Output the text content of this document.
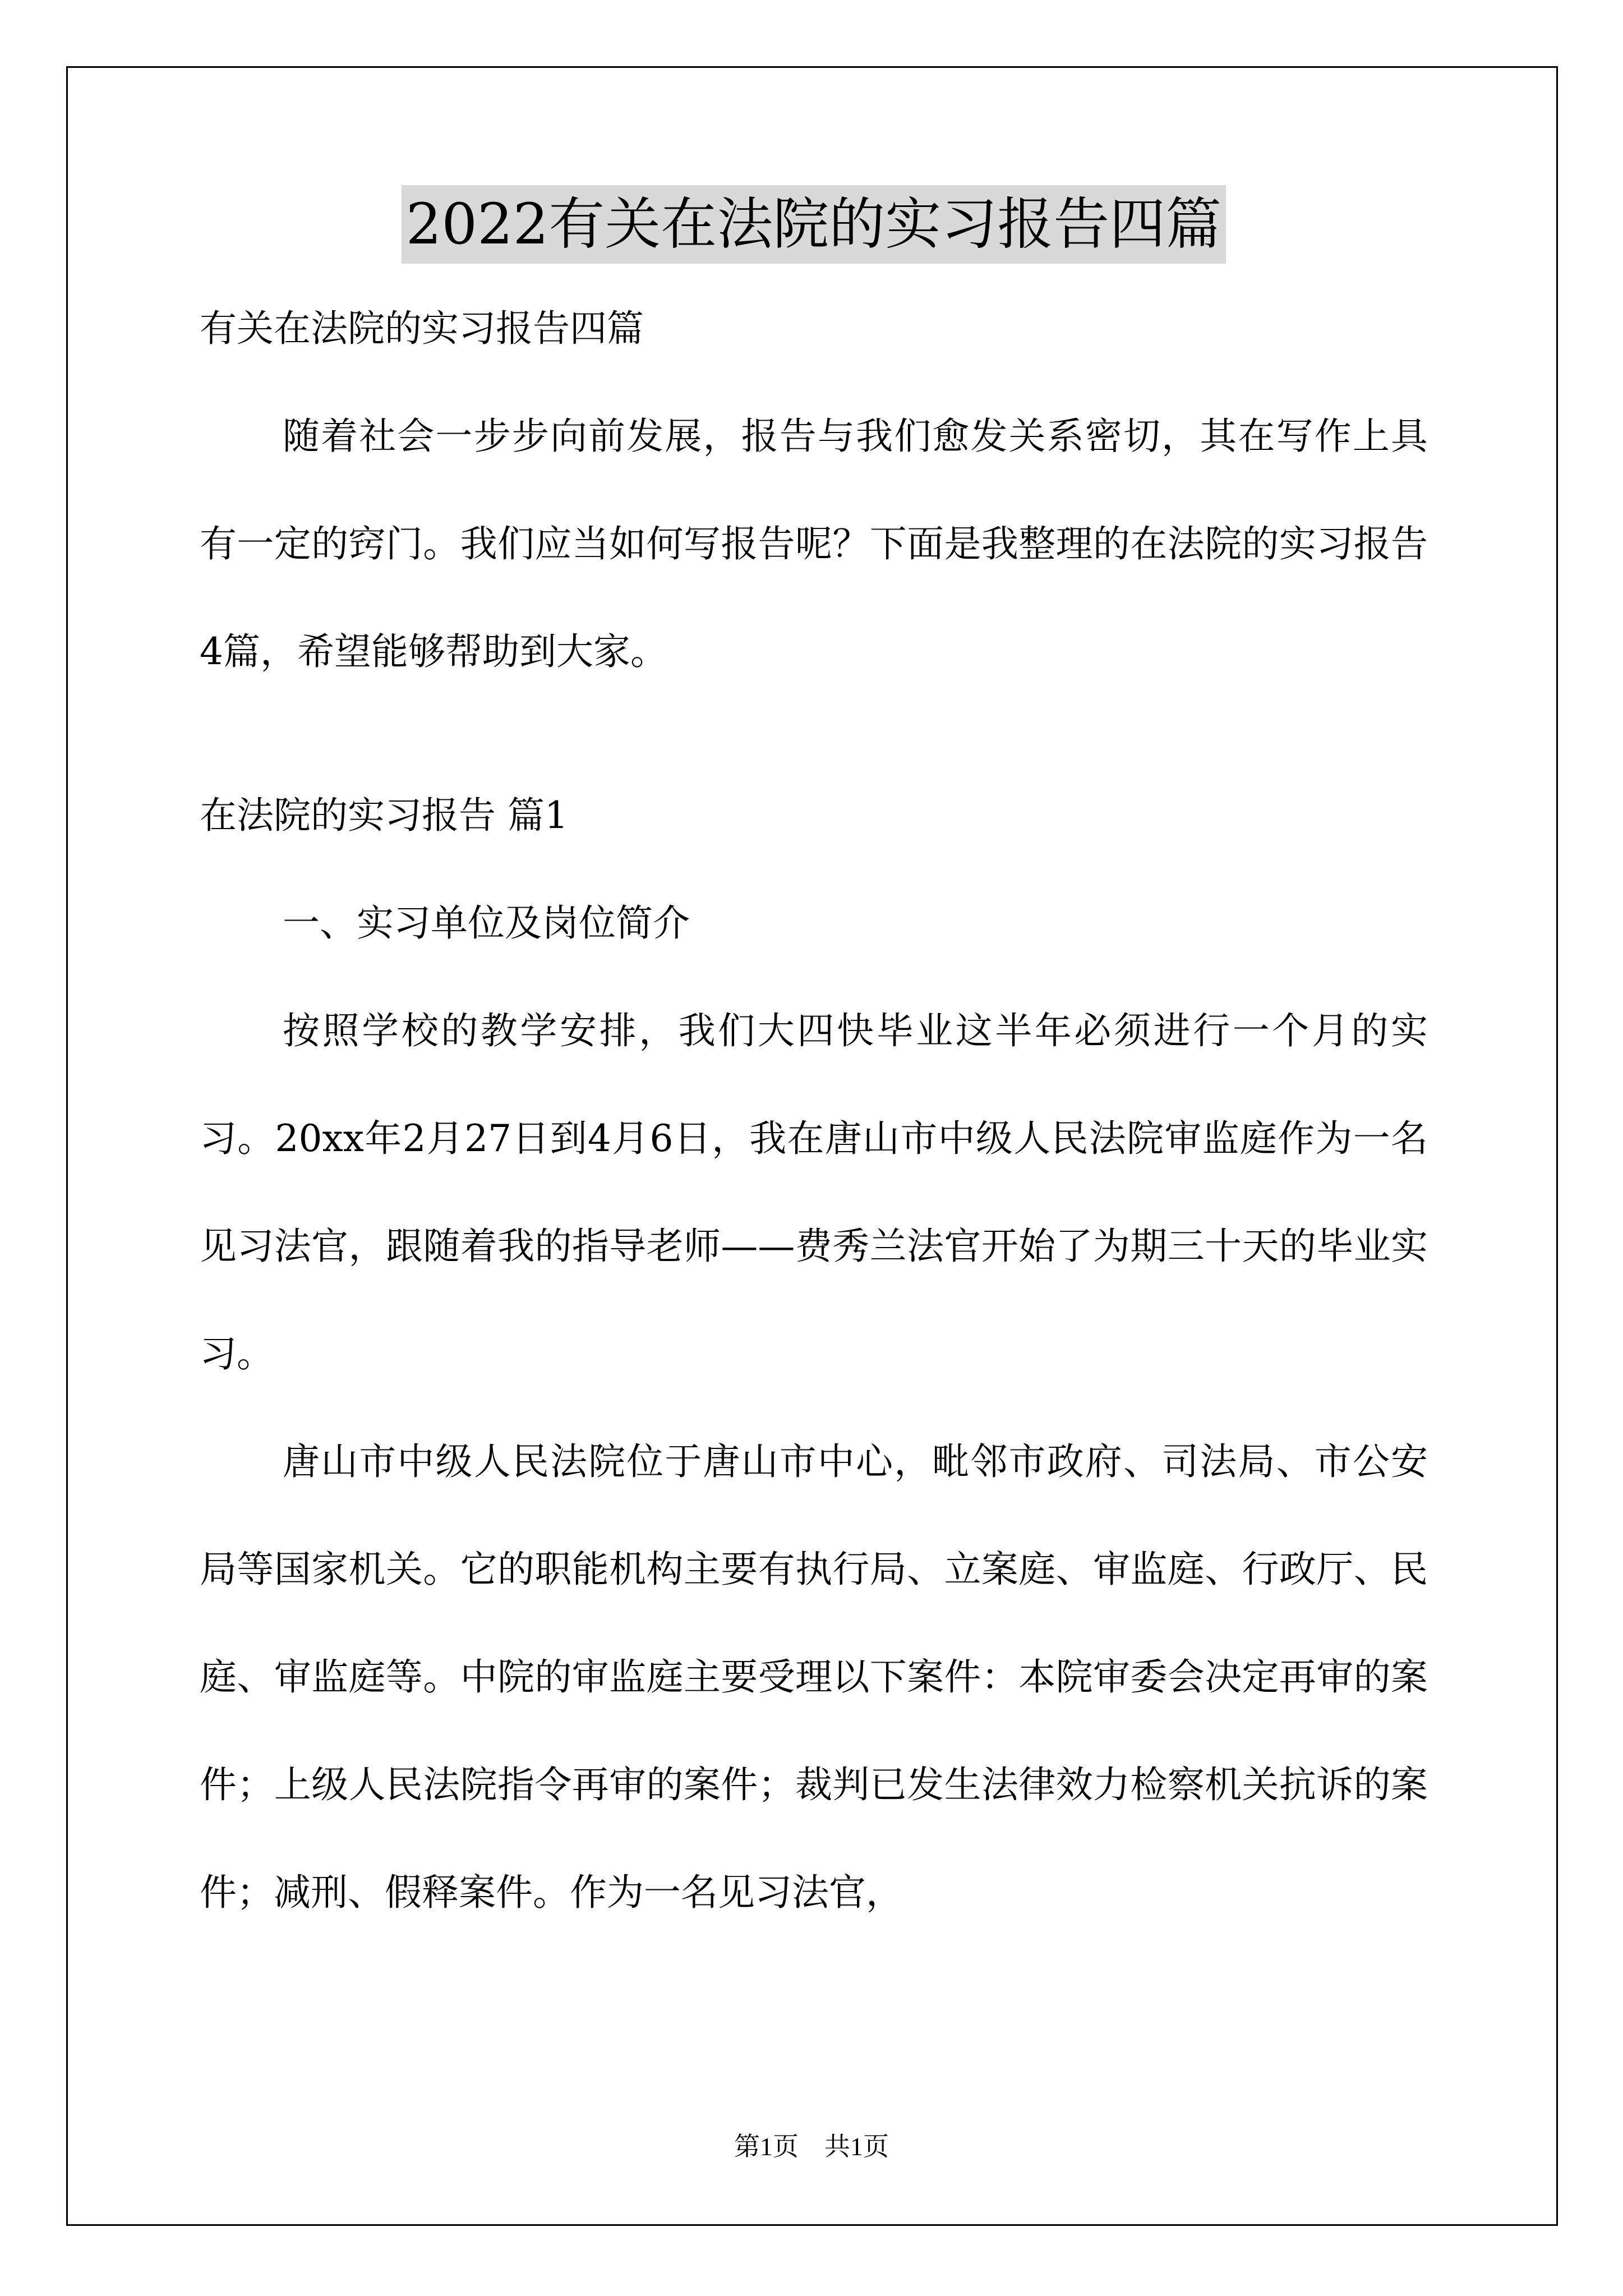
2022有关在法院的实习报告四篇
有关在法院的实习报告四篇
随着社会一步步向前发展，报告与我们愈发关系密切，其在写作上具有一定的窍门。我们应当如何写报告呢？下面是我整理的在法院的实习报告4篇，希望能够帮助到大家。
在法院的实习报告 篇1
一、实习单位及岗位简介
按照学校的教学安排，我们大四快毕业这半年必须进行一个月的实习。20xx年2月27日到4月6日，我在唐山市中级人民法院审监庭作为一名见习法官，跟随着我的指导老师——费秀兰法官开始了为期三十天的毕业实习。
唐山市中级人民法院位于唐山市中心，毗邻市政府、司法局、市公安局等国家机关。它的职能机构主要有执行局、立案庭、审监庭、行政厅、民庭、审监庭等。中院的审监庭主要受理以下案件：本院审委会决定再审的案件；上级人民法院指令再审的案件；裁判已发生法律效力检察机关抗诉的案件；减刑、假释案件。作为一名见习法官，
第1页　共1页
